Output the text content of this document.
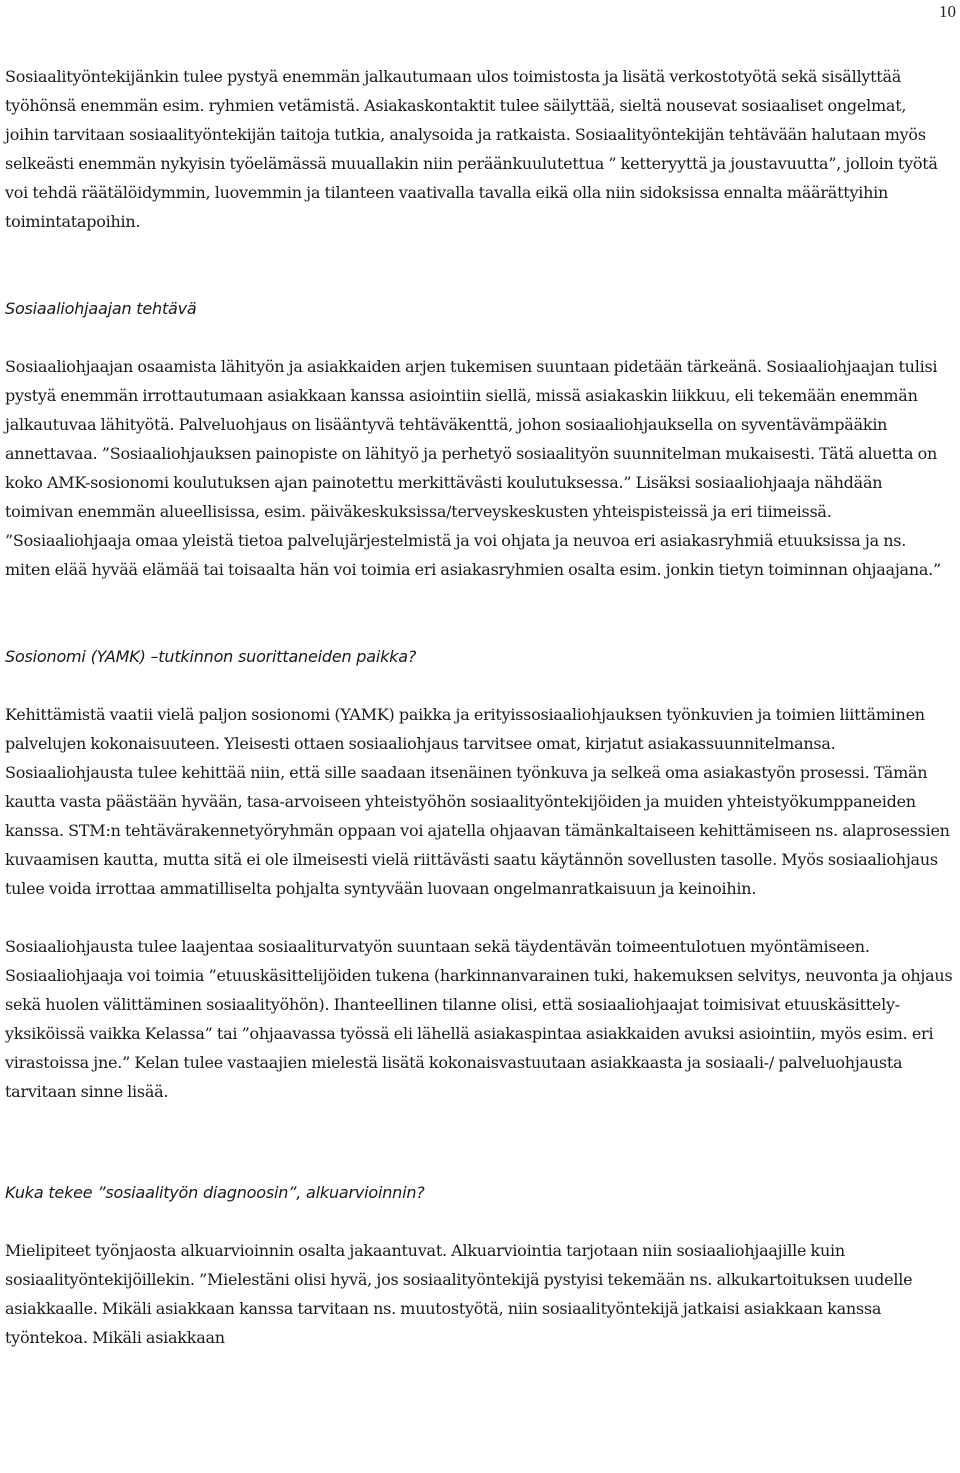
10

Sosiaalityöntekijänkin tulee pystyä enemmän jalkautumaan ulos toimistosta ja lisätä verkostotyötä sekä sisällyttää työhönsä enemmän esim. ryhmien vetämistä. Asiakaskontaktit tulee säilyttää, sieltä nousevat sosiaaliset ongelmat, joihin tarvitaan sosiaalityöntekijän taitoja tutkia, analysoida ja ratkaista. Sosiaalityöntekijän tehtävään halutaan myös selkeästi enemmän nykyisin työelämässä muuallakin niin peräänkuulutettua ” ketteryyttä ja joustavuutta”, jolloin työtä voi tehdä räätälöidymmin, luovemmin ja tilanteen vaativalla tavalla eikä olla niin sidoksissa ennalta määrättyihin toimintatapoihin.

Sosiaaliohjaajan tehtävä

Sosiaaliohjaajan osaamista lähityön ja asiakkaiden arjen tukemisen suuntaan pidetään tärkeänä. Sosiaaliohjaajan tulisi pystyä enemmän irrottautumaan asiakkaan kanssa asiointiin siellä, missä asiakaskin liikkuu, eli tekemään enemmän jalkautuvaa lähityötä. Palveluohjaus on lisääntyvä tehtäväkenttä, johon sosiaaliohjauksella on syventävämpääkin annettavaa. ”Sosiaaliohjauksen painopiste on lähityö ja perhetyö sosiaalityön suunnitelman mukaisesti. Tätä aluetta on koko AMK-sosionomi koulutuksen ajan painotettu merkittävästi koulutuksessa.” Lisäksi sosiaaliohjaaja nähdään toimivan enemmän alueellisissa, esim. päiväkeskuksissa/terveyskeskusten yhteispisteissä ja eri tiimeissä. ”Sosiaaliohjaaja omaa yleistä tietoa palvelujärjestelmistä ja voi ohjata ja neuvoa eri asiakasryhmiä etuuksissa ja ns. miten elää hyvää elämää tai toisaalta hän voi toimia eri asiakasryhmien osalta esim. jonkin tietyn toiminnan ohjaajana.”

Sosionomi (YAMK) –tutkinnon suorittaneiden paikka?

Kehittämistä vaatii vielä paljon sosionomi (YAMK) paikka ja erityissosiaaliohjauksen työnkuvien ja toimien liittäminen palvelujen kokonaisuuteen. Yleisesti ottaen sosiaaliohjaus tarvitsee omat, kirjatut asiakassuunnitelmansa. Sosiaaliohjausta tulee kehittää niin, että sille saadaan itsenäinen työnkuva ja selkeä oma asiakastyön prosessi. Tämän kautta vasta päästään hyvään, tasa-arvoiseen yhteistyöhön sosiaalityöntekijöiden ja muiden yhteistyökumppaneiden kanssa. STM:n tehtävärakennetyöryhmän oppaan voi ajatella ohjaavan tämänkaltaiseen kehittämiseen ns. alaprosessien kuvaamisen kautta, mutta sitä ei ole ilmeisesti vielä riittävästi saatu käytännön sovellusten tasolle. Myös sosiaaliohjaus tulee voida irrottaa ammatilliselta pohjalta syntyvään luovaan ongelmanratkaisuun ja keinoihin.

Sosiaaliohjausta tulee laajentaa sosiaaliturvatyön suuntaan sekä täydentävän toimeentulotuen myöntämiseen. Sosiaaliohjaaja voi toimia ”etuuskäsittelijöiden tukena (harkinnanvarainen tuki, hakemuksen selvitys, neuvonta ja ohjaus sekä huolen välittäminen sosiaalityöhön). Ihanteellinen tilanne olisi, että sosiaaliohjaajat toimisivat etuuskäsittely-yksiköissä vaikka Kelassa” tai ”ohjaavassa työssä eli lähellä asiakaspintaa asiakkaiden avuksi asiointiin, myös esim. eri virastoissa jne.” Kelan tulee vastaajien mielestä lisätä kokonaisvastuutaan asiakkaasta ja sosiaali-/ palveluohjausta tarvitaan sinne lisää.

Kuka tekee ”sosiaalityön diagnoosin”, alkuarvioinnin?

Mielipiteet työnjaosta alkuarvioinnin osalta jakaantuvat. Alkuarviointia tarjotaan niin sosiaaliohjaajille kuin sosiaalityöntekijöillekin. ”Mielestäni olisi hyvä, jos sosiaalityöntekijä pystyisi tekemään ns. alkukartoituksen uudelle asiakkaalle. Mikäli asiakkaan kanssa tarvitaan ns. muutostyötä, niin sosiaalityöntekijä jatkaisi asiakkaan kanssa työntekoa. Mikäli asiakkaan
